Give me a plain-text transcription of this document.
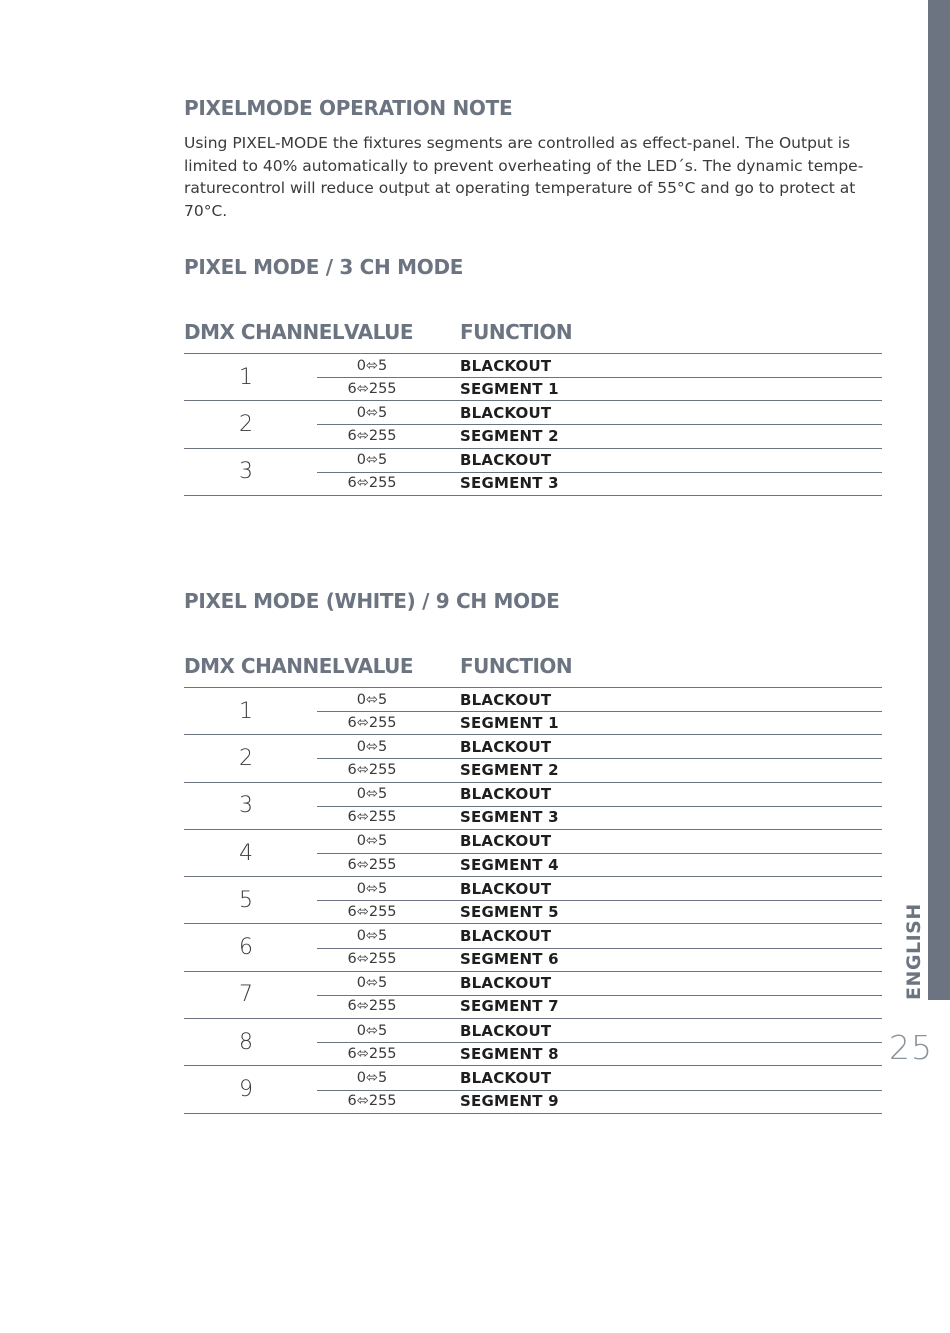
ENGLISH
25
PIXELMODE OPERATION NOTE

Using PIXEL-MODE the fixtures segments are controlled as effect-panel. The Output is
limited to 40% automatically to prevent overheating of the LED´s. The dynamic tempe-
raturecontrol will reduce output at operating temperature of 55°C and go to protect at
70°C.

PIXEL MODE / 3 CH MODE
DMX CHANNEL VALUE FUNCTION
1	0⬄5	BLACKOUT
6⬄255	SEGMENT 1
2	0⬄5	BLACKOUT
6⬄255	SEGMENT 2
3	0⬄5	BLACKOUT
6⬄255	SEGMENT 3
PIXEL MODE (WHITE) / 9 CH MODE
DMX CHANNEL VALUE FUNCTION
1	0⬄5	BLACKOUT
6⬄255	SEGMENT 1
2	0⬄5	BLACKOUT
6⬄255	SEGMENT 2
3	0⬄5	BLACKOUT
6⬄255	SEGMENT 3
4	0⬄5	BLACKOUT
6⬄255	SEGMENT 4
5	0⬄5	BLACKOUT
6⬄255	SEGMENT 5
6	0⬄5	BLACKOUT
6⬄255	SEGMENT 6
7	0⬄5	BLACKOUT
6⬄255	SEGMENT 7
8	0⬄5	BLACKOUT
6⬄255	SEGMENT 8
9	0⬄5	BLACKOUT
6⬄255	SEGMENT 9
